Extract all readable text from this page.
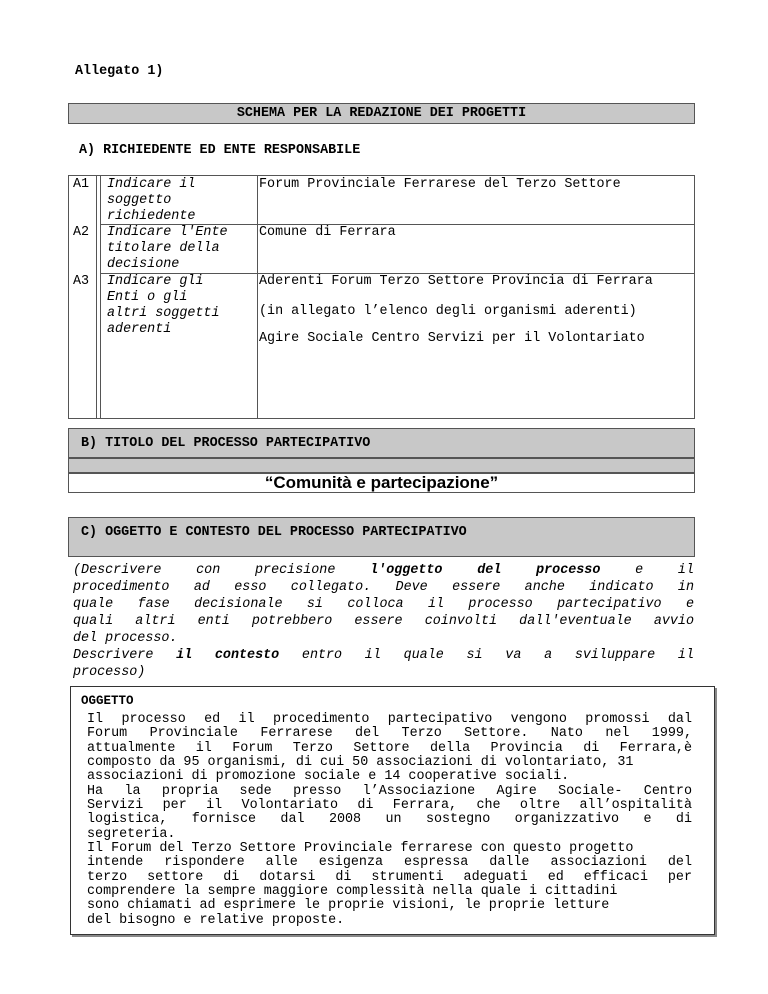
Allegato 1)
SCHEMA PER LA REDAZIONE DEI PROGETTI
A) RICHIEDENTE ED ENTE RESPONSABILE
A1 Indicare il
soggetto
richiedente
Forum Provinciale Ferrarese del Terzo Settore
A2 Indicare l'Ente
titolare della
decisione
Comune di Ferrara
A3 Indicare gli
Enti o gli
altri soggetti
aderenti
Aderenti Forum Terzo Settore Provincia di Ferrara
(in allegato l’elenco degli organismi aderenti)
Agire Sociale Centro Servizi per il Volontariato
B) TITOLO DEL PROCESSO PARTECIPATIVO
“Comunità e partecipazione”
C) OGGETTO E CONTESTO DEL PROCESSO PARTECIPATIVO
(Descrivere con precisione l'oggetto del processo e il
procedimento ad esso collegato. Deve essere anche indicato in
quale fase decisionale si colloca il processo partecipativo e
quali altri enti potrebbero essere coinvolti dall'eventuale avvio
del processo.
Descrivere il contesto entro il quale si va a sviluppare il
processo)
OGGETTO
Il processo ed il procedimento partecipativo vengono promossi dal
Forum Provinciale Ferrarese del Terzo Settore. Nato nel 1999,
attualmente il Forum Terzo Settore della Provincia di Ferrara,è
composto da 95 organismi, di cui 50 associazioni di volontariato, 31
associazioni di promozione sociale e 14 cooperative sociali.
Ha la propria sede presso l’Associazione Agire Sociale- Centro
Servizi per il Volontariato di Ferrara, che oltre all’ospitalità
logistica, fornisce dal 2008 un sostegno organizzativo e di
segreteria.
Il Forum del Terzo Settore Provinciale ferrarese con questo progetto
intende rispondere alle esigenza espressa dalle associazioni del
terzo settore di dotarsi di strumenti adeguati ed efficaci per
comprendere la sempre maggiore complessità nella quale i cittadini
sono chiamati ad esprimere le proprie visioni, le proprie letture
del bisogno e relative proposte.
